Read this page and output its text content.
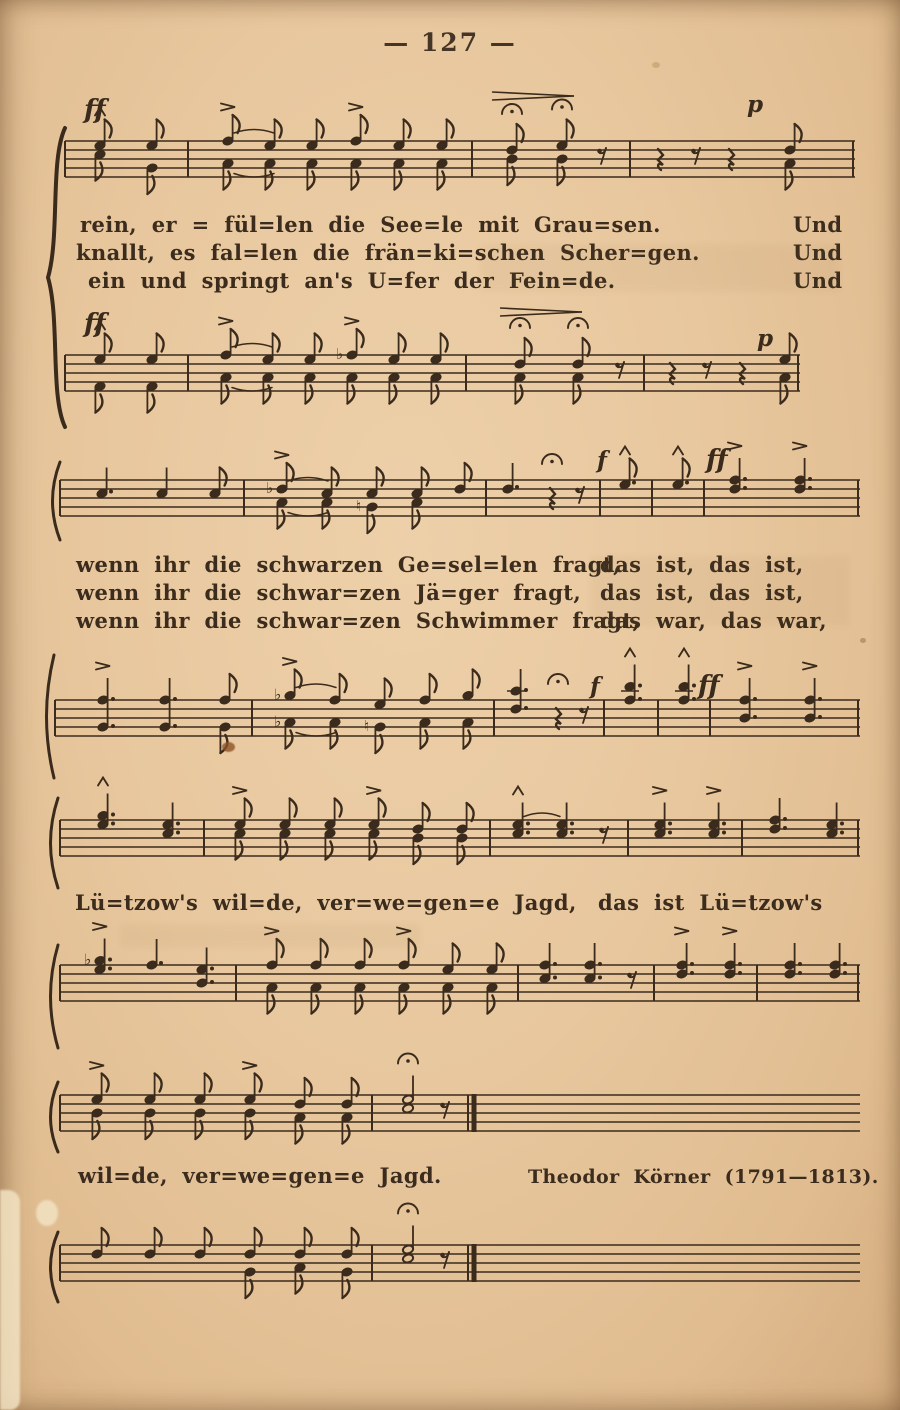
— 127 —
ff	p
ff	p
♭
f	ff
♭
♮
f	ff
♭
♭	♮
♭
rein, er = fül=len die See=le mit Grau=sen.	Und
knallt, es fal=len die frän=ki=schen Scher=gen.	Und
ein und springt an's U=fer der Fein=de.	Und
wenn ihr die schwarzen Ge=sel=len fragt,
das ist, das ist,
wenn ihr die schwar=zen Jä=ger fragt, das ist, das ist,
wenn ihr die schwar=zen Schwimmer fragt,
das war, das war,
Lü=tzow's wil=de, ver=we=gen=e Jagd, das ist Lü=tzow's
wil=de, ver=we=gen=e Jagd.	Theodor Körner (1791—1813).
